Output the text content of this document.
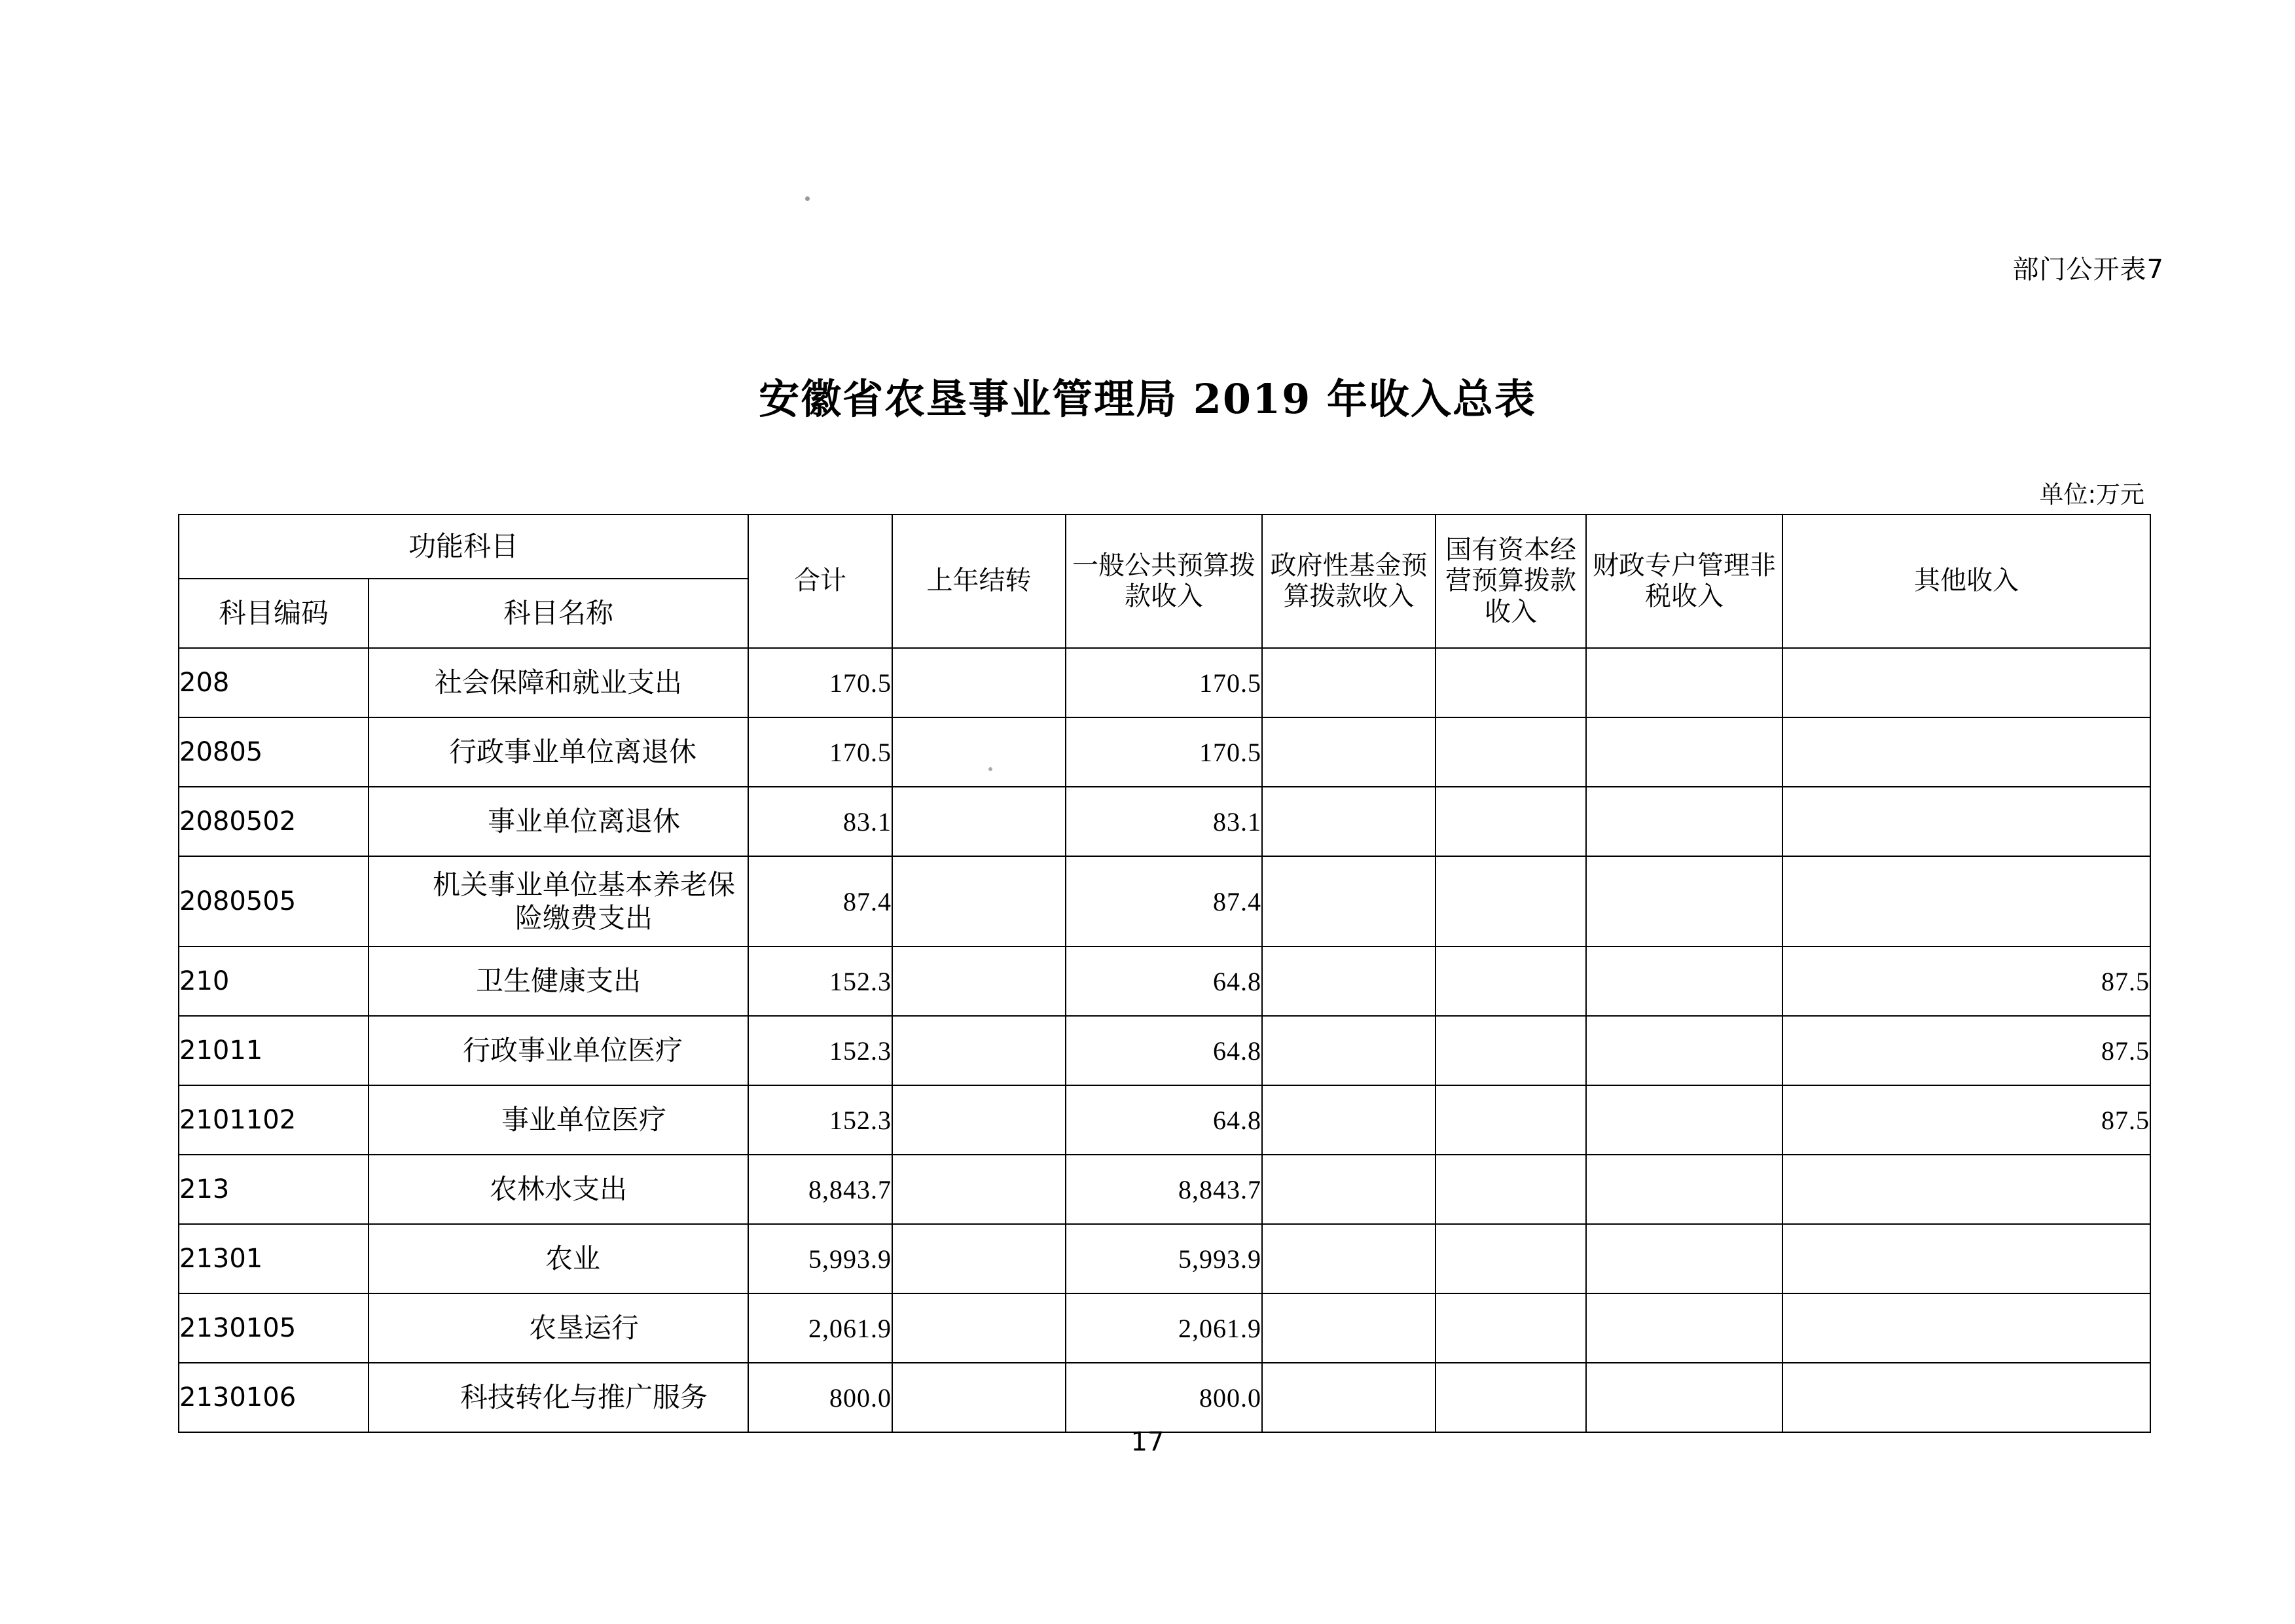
部门公开表7
安徽省农垦事业管理局 2019 年收入总表
单位:万元
功能科目		合计	上年结转	一般公共预算拨款收入	政府性基金预算拨款收入	国有资本经营预算拨款收入	财政专户管理非税收入	其他收入
科目编码	科目名称							
208	社会保障和就业支出	170.5		170.5				
20805	行政事业单位离退休	170.5		170.5				
2080502	事业单位离退休	83.1		83.1				
2080505	机关事业单位基本养老保险缴费支出	87.4		87.4				
210	卫生健康支出	152.3		64.8				87.5
21011	行政事业单位医疗	152.3		64.8				87.5
2101102	事业单位医疗	152.3		64.8				87.5
213	农林水支出	8,843.7		8,843.7				
21301	农业	5,993.9		5,993.9				
2130105	农垦运行	2,061.9		2,061.9				
2130106	科技转化与推广服务	800.0		800.0				
17
